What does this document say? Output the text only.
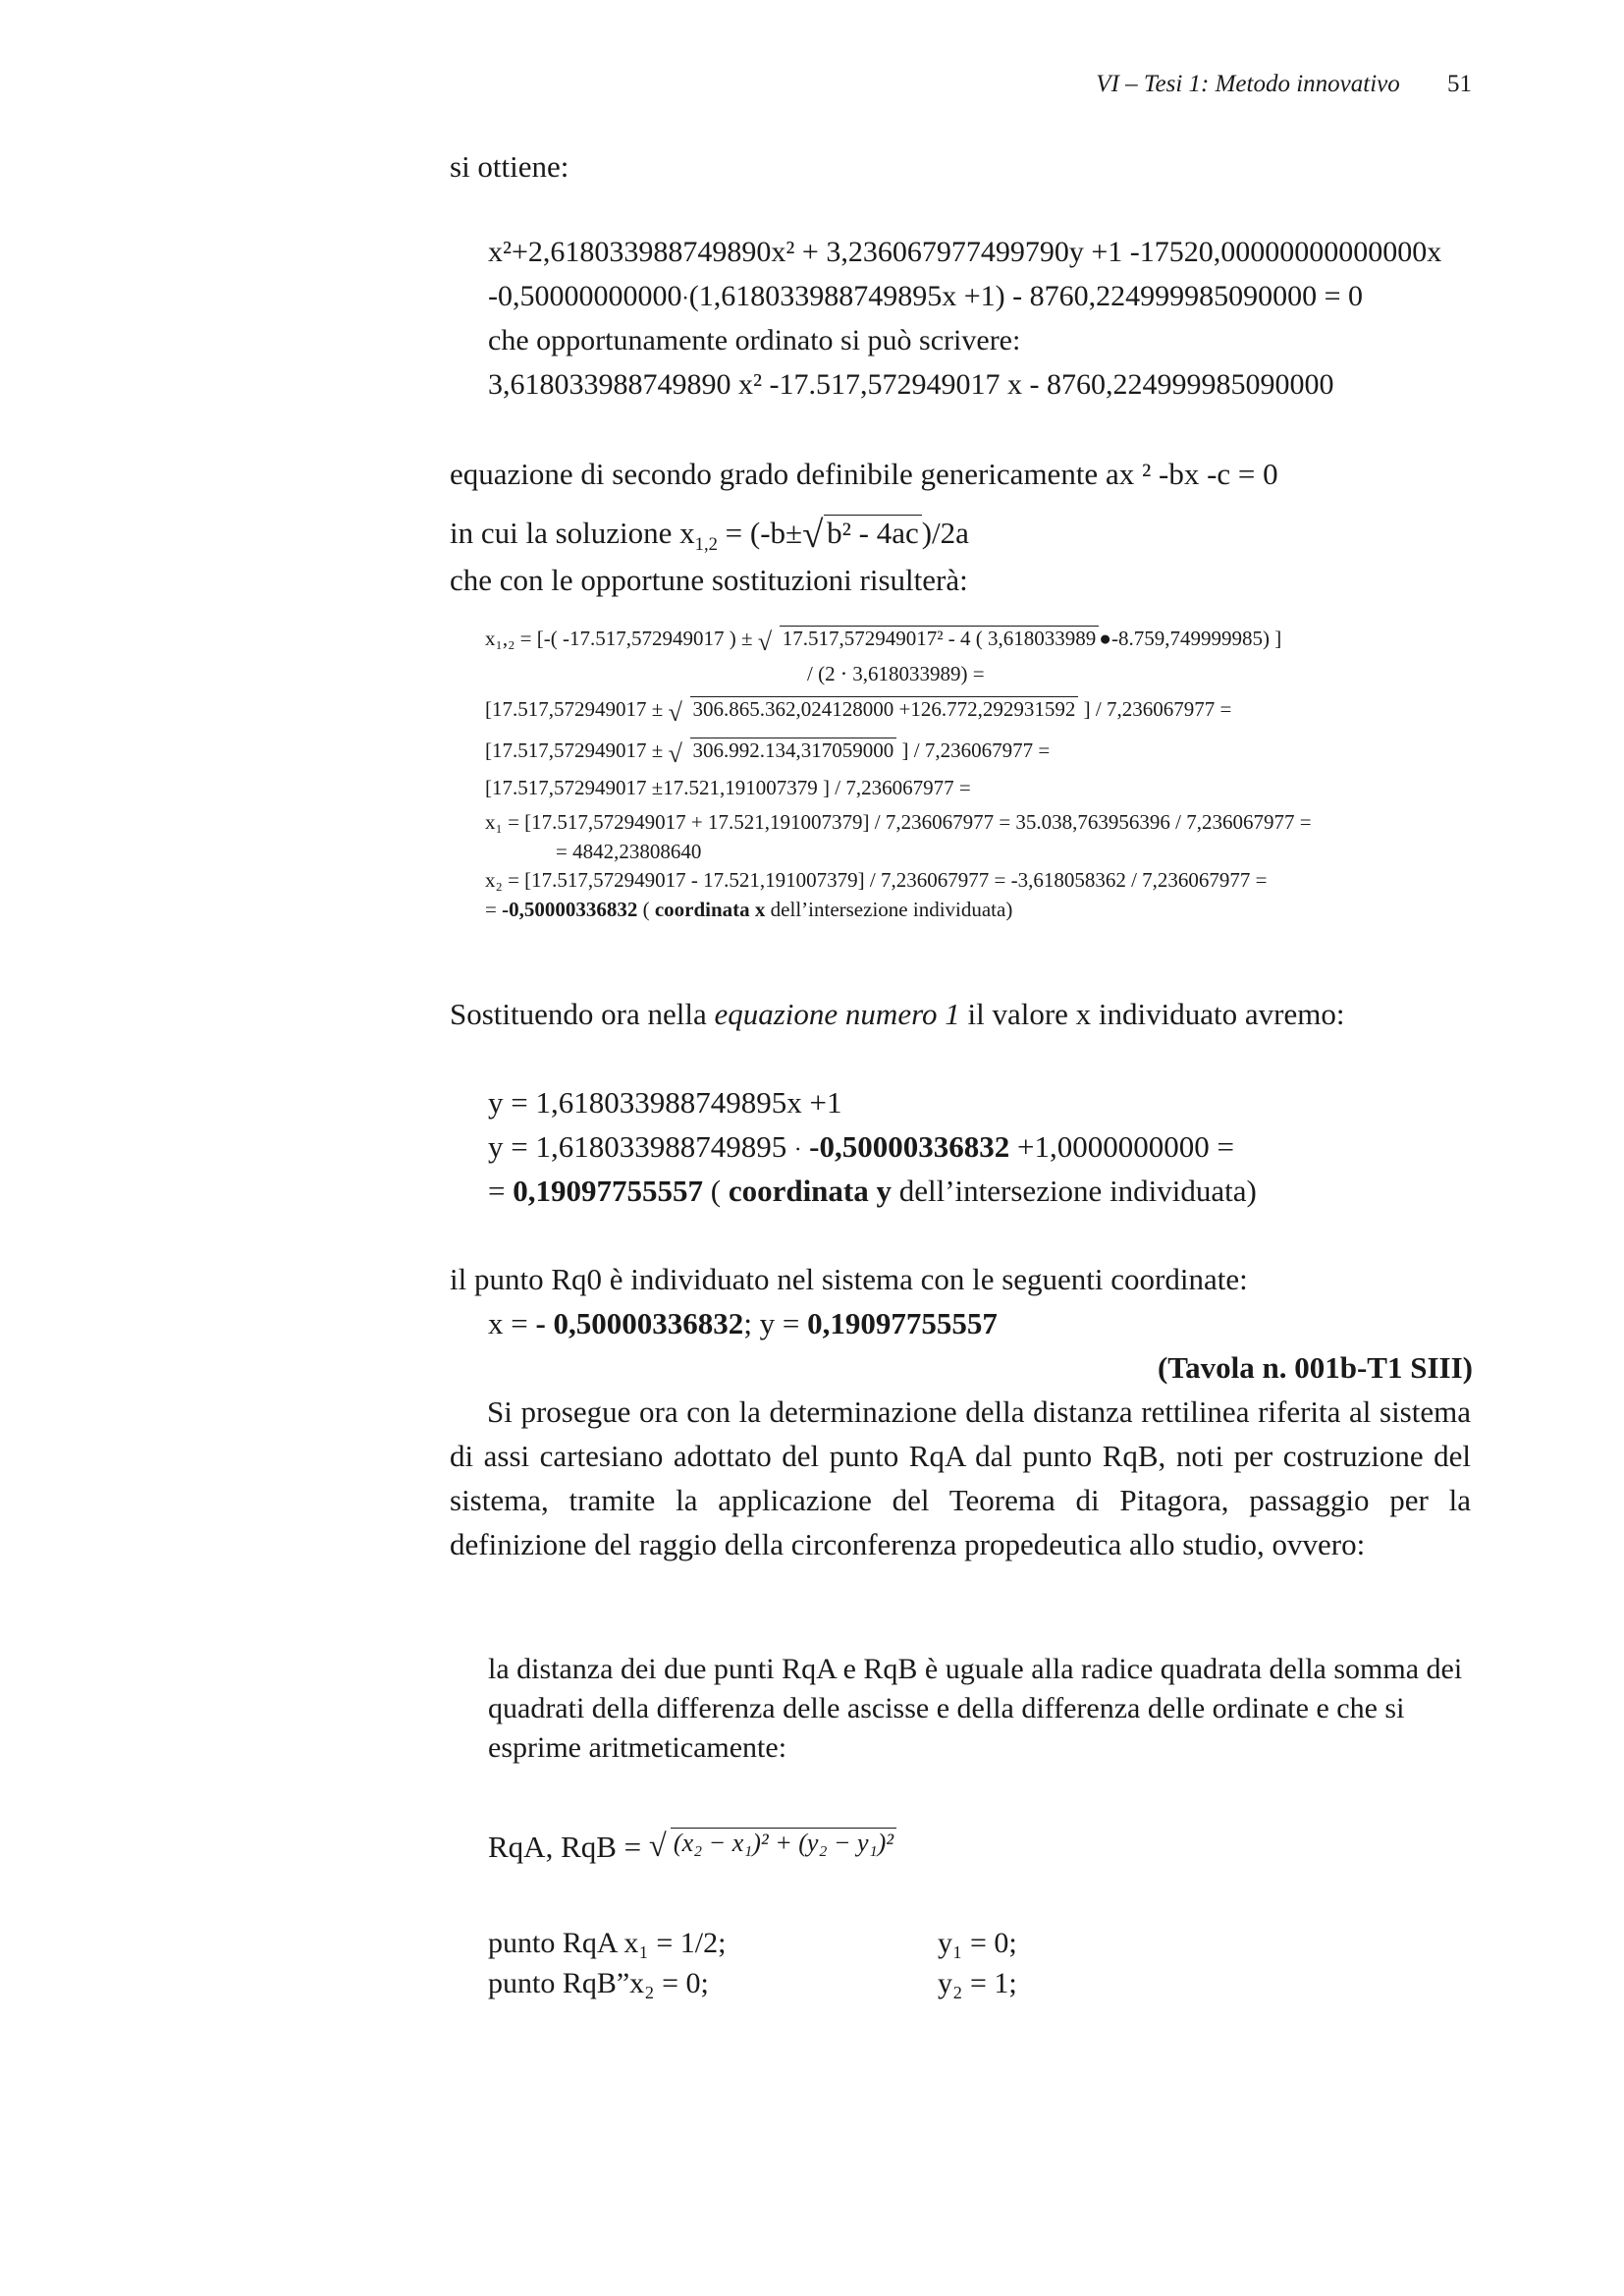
VI – Tesi 1: Metodo innovativo 51
si ottiene:
x²+2,618033988749890x² + 3,236067977499790y +1 -17520,00000000000000x
-0,50000000000⋅(1,618033988749895x +1) - 8760,224999985090000 = 0
che opportunamente ordinato si può scrivere:
3,618033988749890 x² -17.517,572949017 x - 8760,224999985090000
equazione di secondo grado definibile genericamente ax ² -bx -c = 0
in cui la soluzione $x_{1,2} = (-b\pm$ √ b² - 4ac)/2a
che con le opportune sostituzioni risulterà:
x₁,₂ = [-( -17.517,572949017 ) ± √ 17.517,572949017² - 4 ( 3,618033989 ●-8.759,749999985) ]
/ (2 ⋅ 3,618033989) =
[17.517,572949017 ± √ 306.865.362,024128000 +126.772,292931592 ] / 7,236067977 =
[17.517,572949017 ± √ 306.992.134,317059000 ] / 7,236067977 =
[17.517,572949017 ±17.521,191007379 ] / 7,236067977 =
x₁ = [17.517,572949017 + 17.521,191007379] / 7,236067977 = 35.038,763956396 / 7,236067977 =
= 4842,23808640
x₂ = [17.517,572949017 - 17.521,191007379] / 7,236067977 = -3,618058362 / 7,236067977 =
= -0,50000336832 ( coordinata x dell’intersezione individuata)
Sostituendo ora nella equazione numero 1 il valore x individuato avremo:
y = 1,618033988749895x +1
y = 1,618033988749895 ⋅ -0,50000336832 +1,0000000000 =
= 0,19097755557 ( coordinata y dell’intersezione individuata)
il punto Rq0 è individuato nel sistema con le seguenti coordinate:
x = - 0,50000336832; y = 0,19097755557
(Tavola n. 001b-T1 SIII)
Si prosegue ora con la determinazione della distanza rettilinea riferita al sistema di assi cartesiano adottato del punto RqA dal punto RqB, noti per costruzione del sistema, tramite la applicazione del Teorema di Pitagora, passaggio per la definizione del raggio della circonferenza propedeutica allo studio, ovvero:
la distanza dei due punti RqA e RqB è uguale alla radice quadrata della somma dei quadrati della differenza delle ascisse e della differenza delle ordinate e che si esprime aritmeticamente:
RqA, RqB = √ (x₂ − x₁)² + (y₂ − y₁)²
punto RqA x₁ = 1/2;	y₁ = 0;
punto RqB”x₂ = 0;	y₂ = 1;
